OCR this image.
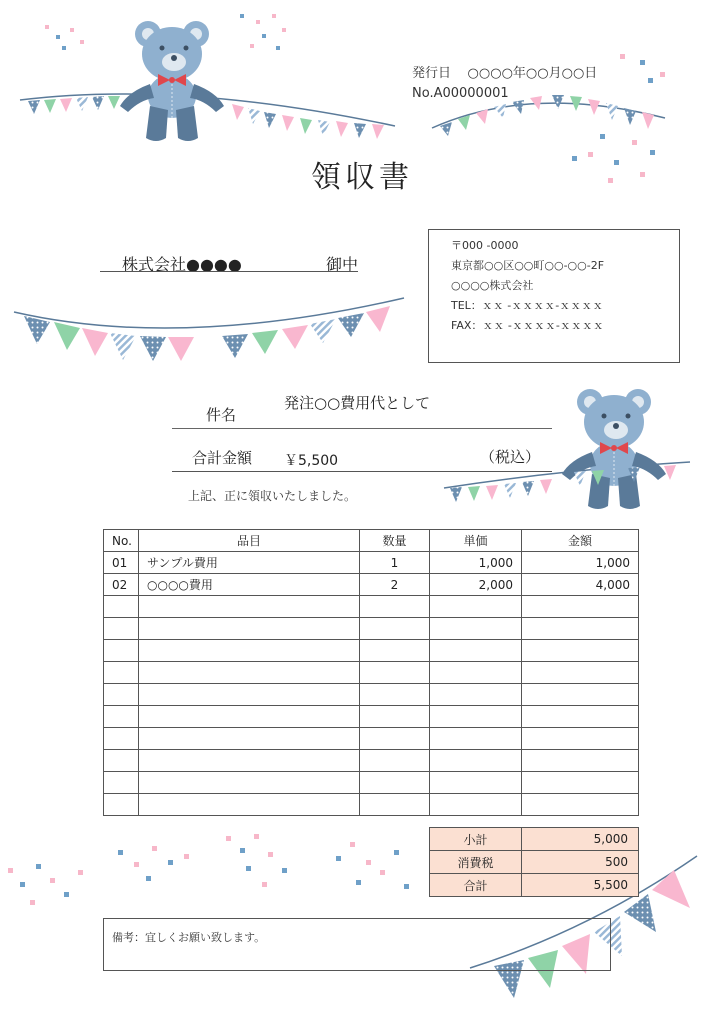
発行日 ○○○○年○○月○○日
No.A00000001
領収書
株式会社●●●●	御中
〒000 -0000
東京都○○区○○町○○-○○-2F
○○○○株式会社
TEL：ｘｘ -ｘｘｘｘ-ｘｘｘｘ
FAX：ｘｘ -ｘｘｘｘ-ｘｘｘｘ
件名
発注○○費用代として
合計金額 ￥5,500	（税込）
上記、正に領収いたしました。
No.	品目	数量	単価	金額
01	サンプル費用	1	1,000	1,000
02	○○○○費用	2	2,000	4,000

小計	5,000
消費税	500
合計	5,500
備考：宜しくお願い致します。
